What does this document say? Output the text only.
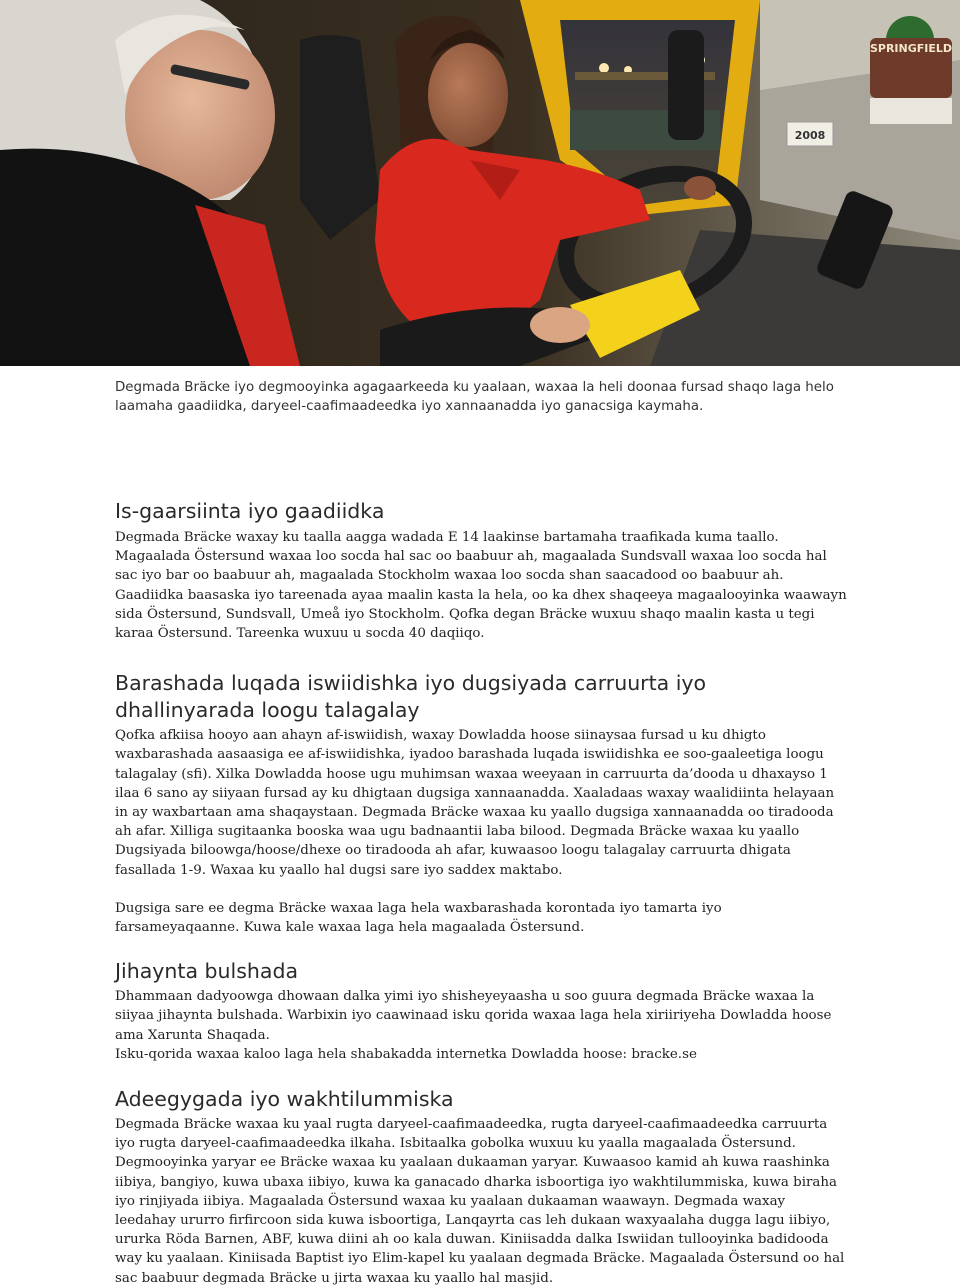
SPRINGFIELD
2008

Degmada Bräcke iyo degmooyinka agagaarkeeda ku yaalaan, waxaa la heli doonaa fursad shaqo laga helo laamaha gaadiidka, daryeel-caafimaadeedka iyo xannaanadda iyo ganacsiga kaymaha.

Is-gaarsiinta iyo gaadiidka

Degmada Bräcke waxay ku taalla aagga wadada E 14 laakinse bartamaha traafikada kuma taallo. Magaalada Östersund waxaa loo socda hal sac oo baabuur ah, magaalada Sundsvall waxaa loo socda hal sac iyo bar oo baabuur ah, magaalada Stockholm waxaa loo socda shan saacadood oo baabuur ah. Gaadiidka baasaska iyo tareenada ayaa maalin kasta la hela, oo ka dhex shaqeeya magaalooyinka waawayn sida Östersund, Sundsvall, Umeå iyo Stockholm. Qofka degan Bräcke wuxuu shaqo maalin kasta u tegi karaa Östersund. Tareenka wuxuu u socda 40 daqiiqo.

Barashada luqada iswiidishka iyo dugsiyada carruurta iyo dhallinyarada loogu talagalay

Qofka afkiisa hooyo aan ahayn af-iswiidish, waxay Dowladda hoose siinaysaa fursad u ku dhigto waxbarashada aasaasiga ee af-iswiidishka, iyadoo barashada luqada iswiidishka ee soo-gaaleetiga loogu talagalay (sfi). Xilka Dowladda hoose ugu muhimsan waxaa weeyaan in carruurta da’dooda u dhaxayso 1 ilaa 6 sano ay siiyaan fursad ay ku dhigtaan dugsiga xannaanadda. Xaaladaas waxay waalidiinta helayaan in ay waxbartaan ama shaqaystaan. Degmada Bräcke waxaa ku yaallo dugsiga xannaanadda oo tiradooda ah afar. Xilliga sugitaanka booska waa ugu badnaantii laba bilood. Degmada Bräcke waxaa ku yaallo Dugsiyada biloowga/hoose/dhexe oo tiradooda ah afar, kuwaasoo loogu talagalay carruurta dhigata fasallada 1-9. Waxaa ku yaallo hal dugsi sare iyo saddex maktabo.

Dugsiga sare ee degma Bräcke waxaa laga hela waxbarashada korontada iyo tamarta iyo farsameyaqaanne. Kuwa kale waxaa laga hela magaalada Östersund.

Jihaynta bulshada

Dhammaan dadyoowga dhowaan dalka yimi iyo shisheyeyaasha u soo guura degmada Bräcke waxaa la siiyaa jihaynta bulshada. Warbixin iyo caawinaad isku qorida waxaa laga hela xiriiriyeha Dowladda hoose ama Xarunta Shaqada.

Isku-qorida waxaa kaloo laga hela shabakadda internetka Dowladda hoose: bracke.se

Adeegygada iyo wakhtilummiska

Degmada Bräcke waxaa ku yaal rugta daryeel-caafimaadeedka, rugta daryeel-caafimaadeedka carruurta iyo rugta daryeel-caafimaadeedka ilkaha. Isbitaalka gobolka wuxuu ku yaalla magaalada Östersund. Degmooyinka yaryar ee Bräcke waxaa ku yaalaan dukaaman yaryar. Kuwaasoo kamid ah kuwa raashinka iibiya, bangiyo, kuwa ubaxa iibiyo, kuwa ka ganacado dharka isboortiga iyo wakhtilummiska, kuwa biraha iyo rinjiyada iibiya. Magaalada Östersund waxaa ku yaalaan dukaaman waawayn. Degmada waxay leedahay ururro firfircoon sida kuwa isboortiga, Lanqayrta cas leh dukaan waxyaalaha dugga lagu iibiyo, ururka Röda Barnen, ABF, kuwa diini ah oo kala duwan. Kiniisadda dalka Iswiidan tullooyinka badidooda way ku yaalaan. Kiniisada Baptist iyo Elim-kapel ku yaalaan degmada Bräcke. Magaalada Östersund oo hal sac baabuur degmada Bräcke u jirta waxaa ku yaallo hal masjid.
